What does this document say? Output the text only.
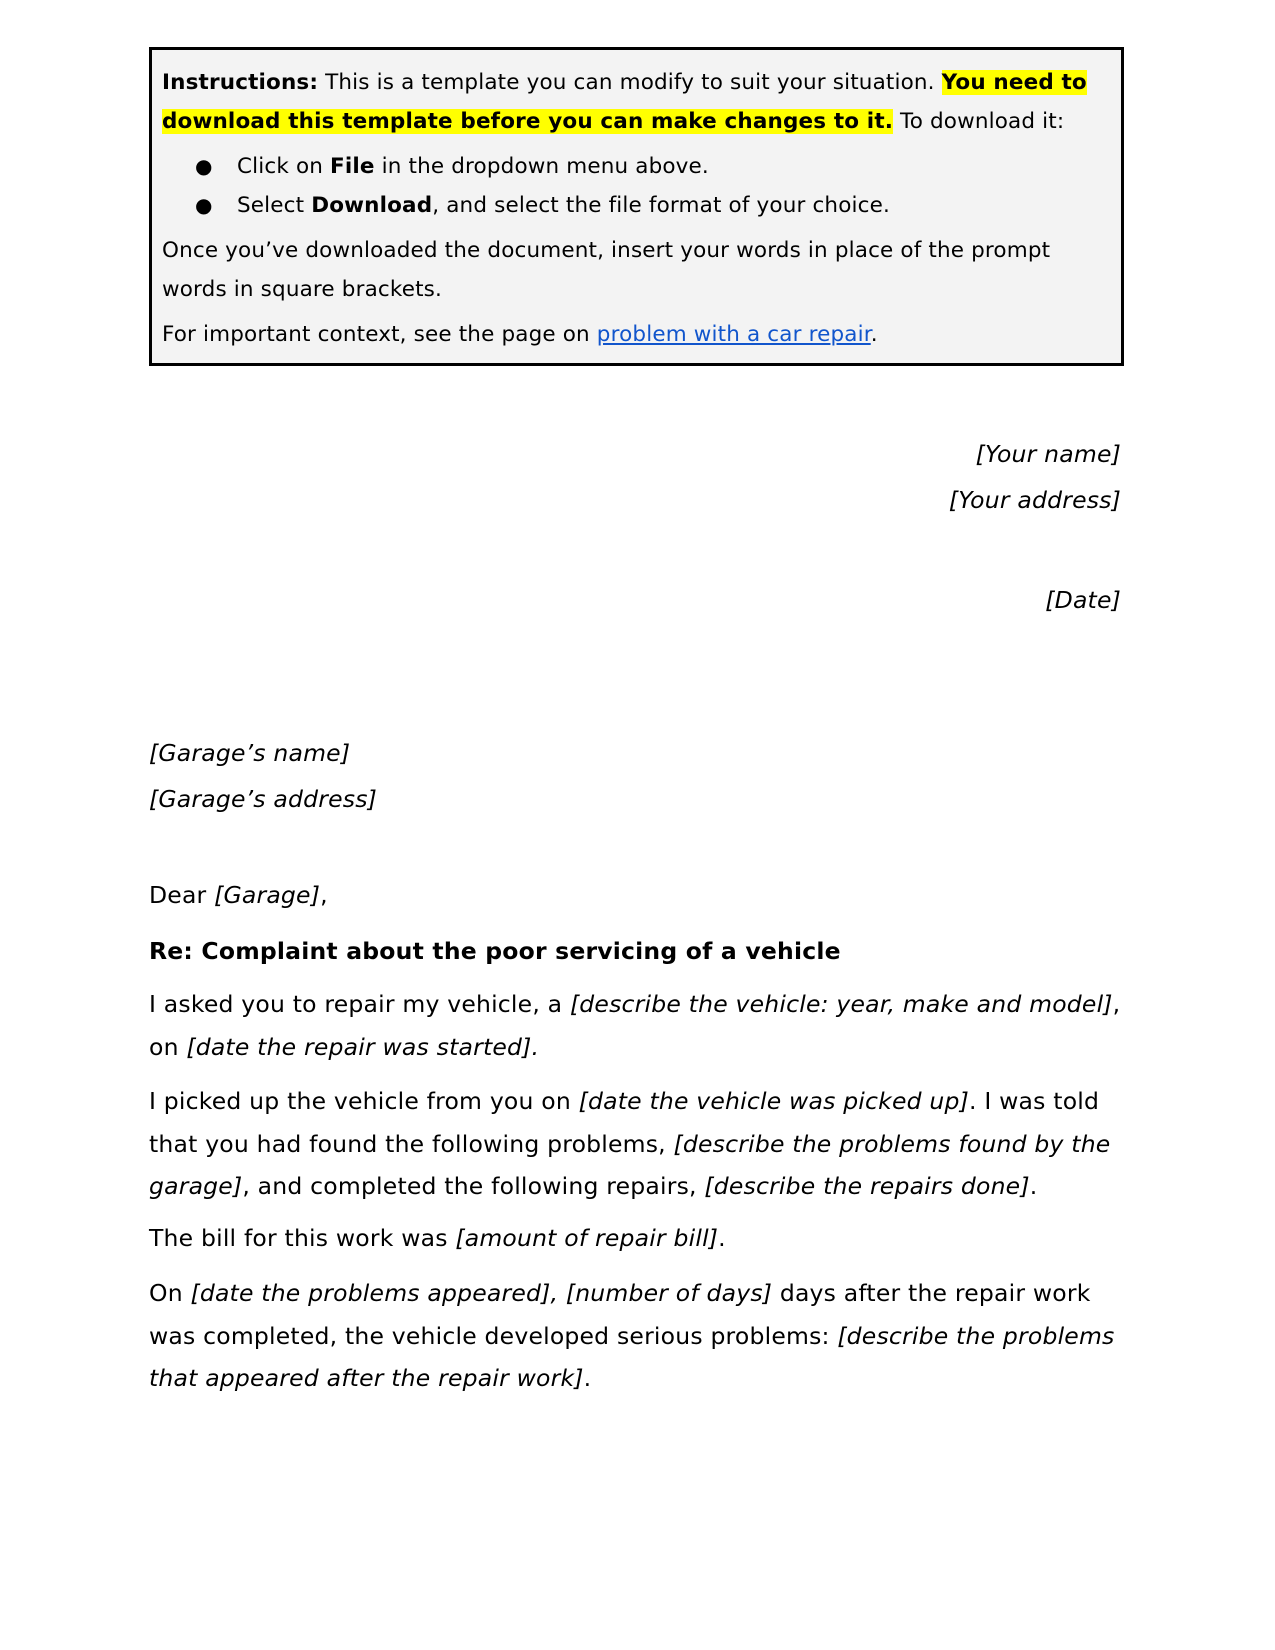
Instructions: This is a template you can modify to suit your situation. You need to download this template before you can make changes to it. To download it:

● Click on File in the dropdown menu above.
● Select Download, and select the file format of your choice.

Once you’ve downloaded the document, insert your words in place of the prompt words in square brackets.

For important context, see the page on problem with a car repair.

[Your name]
[Your address]
[Date]
[Garage’s name]
[Garage’s address]
Dear [Garage],
Re: Complaint about the poor servicing of a vehicle

I asked you to repair my vehicle, a [describe the vehicle: year, make and model], on [date the repair was started].

I picked up the vehicle from you on [date the vehicle was picked up]. I was told that you had found the following problems, [describe the problems found by the garage], and completed the following repairs, [describe the repairs done].

The bill for this work was [amount of repair bill].

On [date the problems appeared], [number of days] days after the repair work was completed, the vehicle developed serious problems: [describe the problems that appeared after the repair work].
